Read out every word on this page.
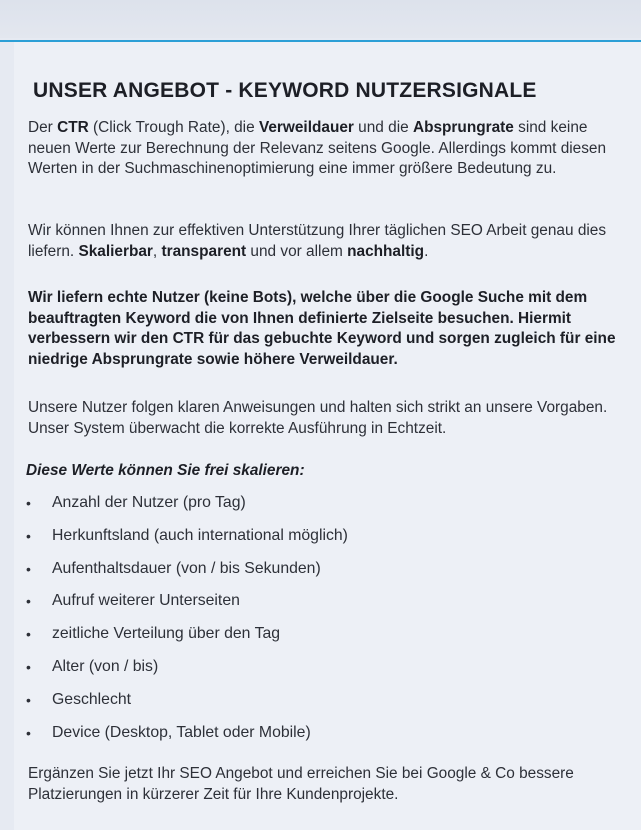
UNSER ANGEBOT - KEYWORD NUTZERSIGNALE
Der CTR (Click Trough Rate), die Verweildauer und die Absprungrate sind keine neuen Werte zur Berechnung der Relevanz seitens Google. Allerdings kommt diesen Werten in der Suchmaschinenoptimierung eine immer größere Bedeutung zu.
Wir können Ihnen zur effektiven Unterstützung Ihrer täglichen SEO Arbeit genau dies liefern. Skalierbar, transparent und vor allem nachhaltig.
Wir liefern echte Nutzer (keine Bots), welche über die Google Suche mit dem beauftragten Keyword die von Ihnen definierte Zielseite besuchen. Hiermit verbessern wir den CTR für das gebuchte Keyword und sorgen zugleich für eine niedrige Absprungrate sowie höhere Verweildauer.
Unsere Nutzer folgen klaren Anweisungen und halten sich strikt an unsere Vorgaben. Unser System überwacht die korrekte Ausführung in Echtzeit.
Diese Werte können Sie frei skalieren:
• Anzahl der Nutzer (pro Tag)
• Herkunftsland (auch international möglich)
• Aufenthaltsdauer (von / bis Sekunden)
• Aufruf weiterer Unterseiten
• zeitliche Verteilung über den Tag
• Alter (von / bis)
• Geschlecht
• Device (Desktop, Tablet oder Mobile)
Ergänzen Sie jetzt Ihr SEO Angebot und erreichen Sie bei Google & Co bessere Platzierungen in kürzerer Zeit für Ihre Kundenprojekte.
